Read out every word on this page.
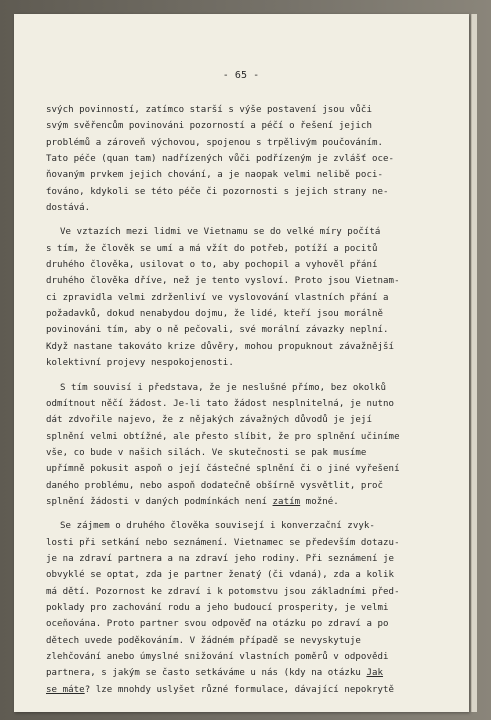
- 65 -
svých povinností, zatímco starší s výše postavení jsou vůči
svým svěřencům povinováni pozorností a péčí o řešení jejich
problémů a zároveň výchovou, spojenou s trpělivým poučováním.
Tato péče (quan tam) nadřízených vůči podřízeným je zvlášť oce-
ňovaným prvkem jejich chování, a je naopak velmi nelibě poci-
ťováno, kdykoli se této péče či pozornosti s jejich strany ne-
dostává.
Ve vztazích mezi lidmi ve Vietnamu se do velké míry počítá
s tím, že člověk se umí a má vžít do potřeb, potíží a pocitů
druhého člověka, usilovat o to, aby pochopil a vyhověl přání
druhého člověka dříve, než je tento vysloví. Proto jsou Vietnam-
ci zpravidla velmi zdrženliví ve vyslovování vlastních přání a
požadavků, dokud nenabydou dojmu, že lidé, kteří jsou morálně
povinováni tím, aby o ně pečovali, své morální závazky neplní.
Když nastane takováto krize důvěry, mohou propuknout závažnější
kolektivní projevy nespokojenosti.
S tím souvisí i představa, že je neslušné přímo, bez okolků
odmítnout něčí žádost. Je-li tato žádost nesplnitelná, je nutno
dát zdvořile najevo, že z nějakých závažných důvodů je její
splnění velmi obtížné, ale přesto slíbit, že pro splnění učiníme
vše, co bude v našich silách. Ve skutečnosti se pak musíme
upřímně pokusit aspoň o její částečné splnění či o jiné vyřešení
daného problému, nebo aspoň dodatečně obšírně vysvětlit, proč
splnění žádosti v daných podmínkách není zatím možné.
Se zájmem o druhého člověka souvisejí i konverzační zvyk-
losti při setkání nebo seznámení. Vietnamec se především dotazu-
je na zdraví partnera a na zdraví jeho rodiny. Při seznámení je
obvyklé se optat, zda je partner ženatý (či vdaná), zda a kolik
má dětí. Pozornost ke zdraví i k potomstvu jsou základními před-
poklady pro zachování rodu a jeho budoucí prosperity, je velmi
oceňována. Proto partner svou odpověď na otázku po zdraví a po
dětech uvede poděkováním. V žádném případě se nevyskytuje
zlehčování anebo úmyslné snižování vlastních poměrů v odpovědi
partnera, s jakým se často setkáváme u nás (kdy na otázku Jak
se máte? lze mnohdy uslyšet různé formulace, dávající nepokrytě
